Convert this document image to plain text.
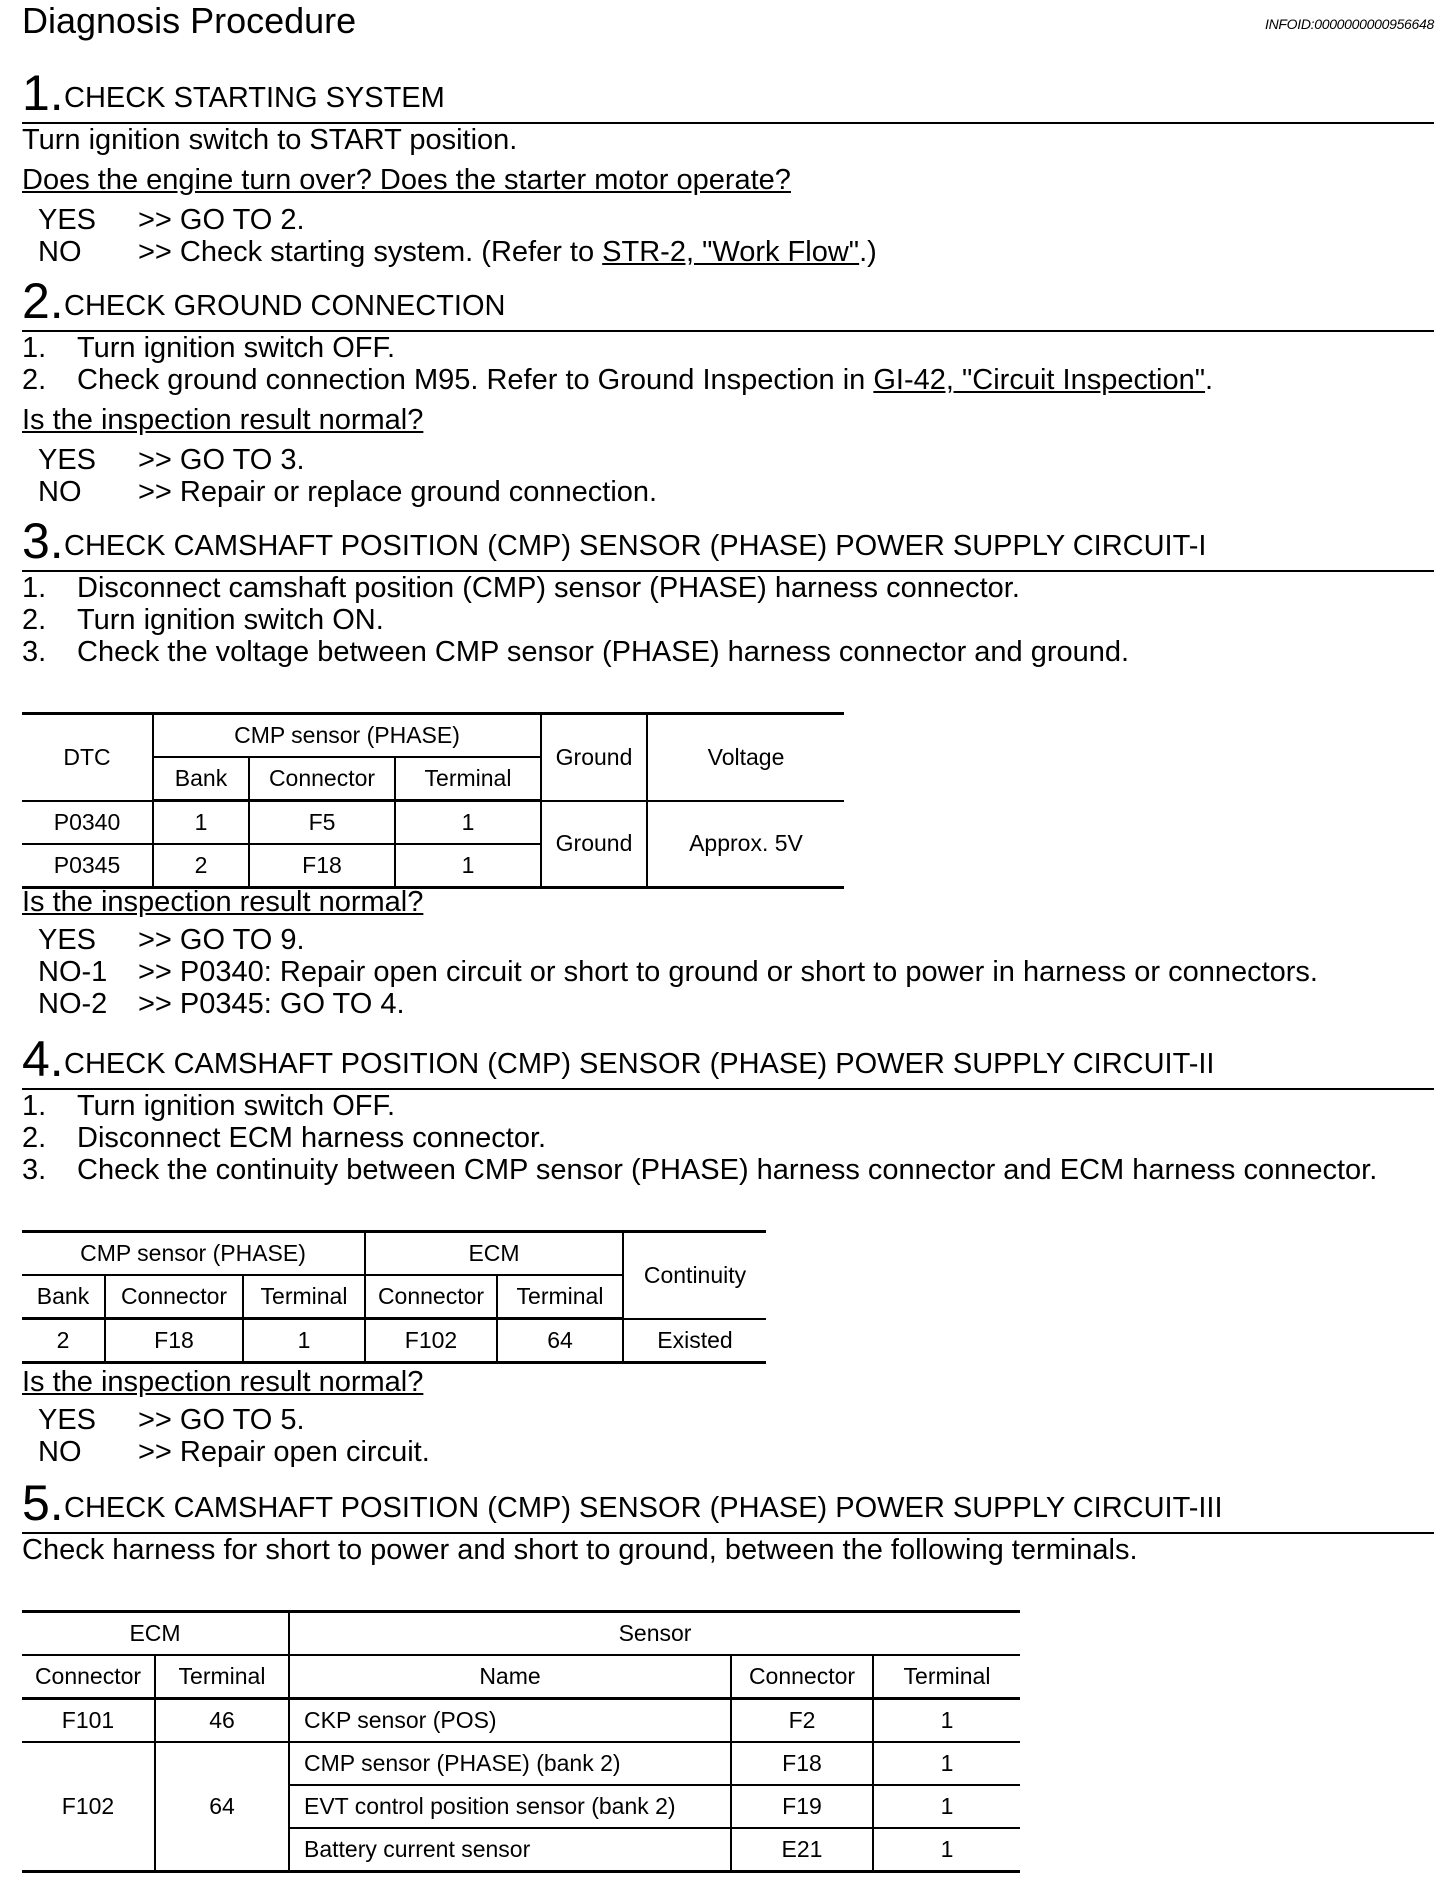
Diagnosis Procedure	INFOID:0000000000956648
1. CHECK STARTING SYSTEM
Turn ignition switch to START position.
Does the engine turn over? Does the starter motor operate?
YES >> GO TO 2.
NO >> Check starting system. (Refer to STR-2, "Work Flow".)
2. CHECK GROUND CONNECTION
1. Turn ignition switch OFF.
2. Check ground connection M95. Refer to Ground Inspection in GI-42, "Circuit Inspection".
Is the inspection result normal?
YES >> GO TO 3.
NO >> Repair or replace ground connection.
3. CHECK CAMSHAFT POSITION (CMP) SENSOR (PHASE) POWER SUPPLY CIRCUIT-I
1. Disconnect camshaft position (CMP) sensor (PHASE) harness connector.
2. Turn ignition switch ON.
3. Check the voltage between CMP sensor (PHASE) harness connector and ground.
DTC	CMP sensor (PHASE)			Ground	Voltage
	Bank	Connector	Terminal		
P0340	1	F5	1	Ground	Approx. 5V
P0345	2	F18	1		
Is the inspection result normal?
YES >> GO TO 9.
NO-1 >> P0340: Repair open circuit or short to ground or short to power in harness or connectors.
NO-2 >> P0345: GO TO 4.
4. CHECK CAMSHAFT POSITION (CMP) SENSOR (PHASE) POWER SUPPLY CIRCUIT-II
1. Turn ignition switch OFF.
2. Disconnect ECM harness connector.
3. Check the continuity between CMP sensor (PHASE) harness connector and ECM harness connector.
CMP sensor (PHASE)			ECM		Continuity
Bank	Connector	Terminal	Connector	Terminal	
2	F18	1	F102	64	Existed
Is the inspection result normal?
YES >> GO TO 5.
NO >> Repair open circuit.
5. CHECK CAMSHAFT POSITION (CMP) SENSOR (PHASE) POWER SUPPLY CIRCUIT-III
Check harness for short to power and short to ground, between the following terminals.
ECM		Sensor		
Connector	Terminal	Name	Connector	Terminal
F101	46	CKP sensor (POS)	F2	1
F102	64	CMP sensor (PHASE) (bank 2)	F18	1
		EVT control position sensor (bank 2)	F19	1
		Battery current sensor	E21	1
